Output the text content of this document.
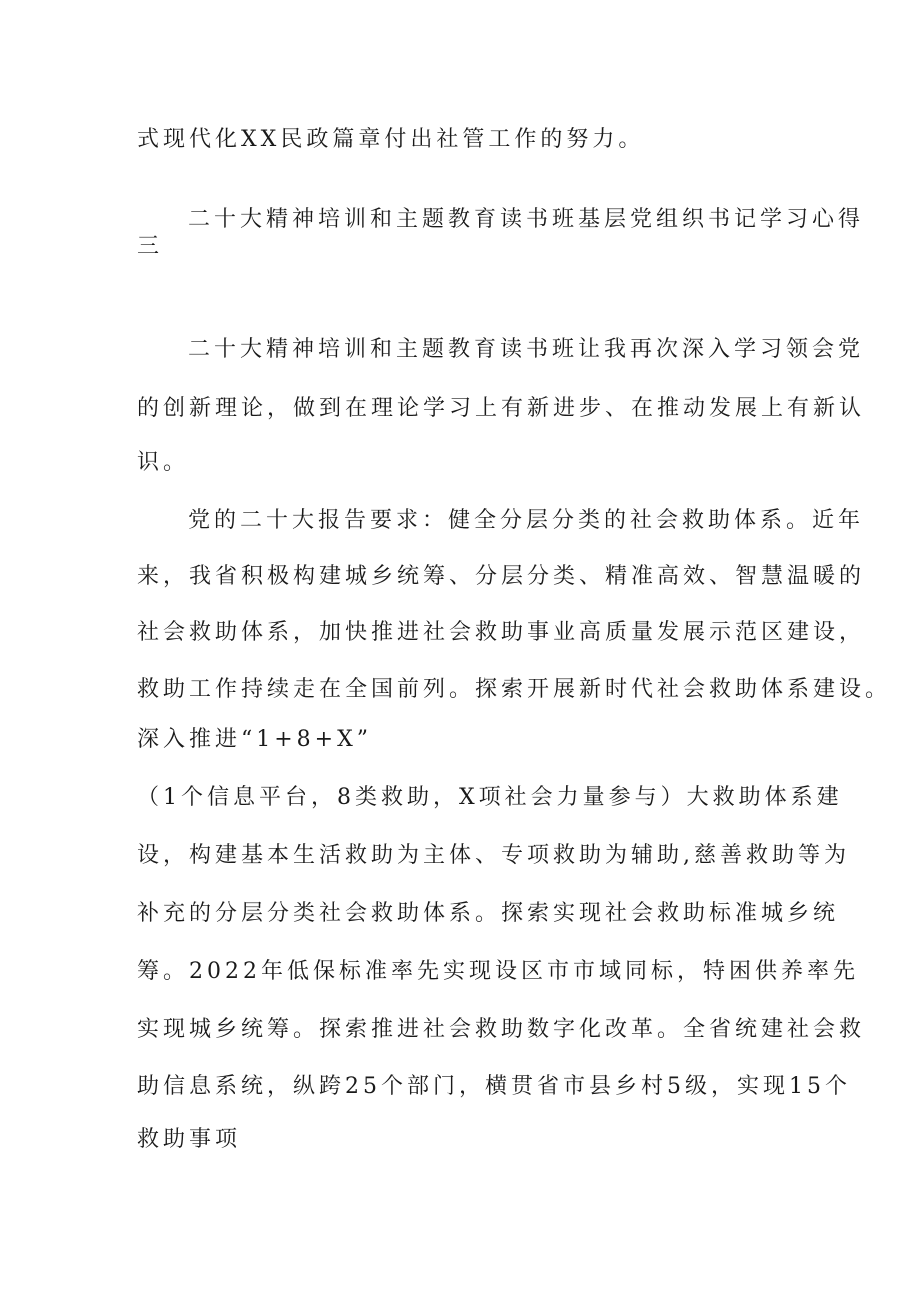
式现代化XX民政篇章付出社管工作的努力。
二十大精神培训和主题教育读书班基层党组织书记学习心得
三
二十大精神培训和主题教育读书班让我再次深入学习领会党
的创新理论，做到在理论学习上有新进步、在推动发展上有新认
识。
党的二十大报告要求：健全分层分类的社会救助体系。近年
来，我省积极构建城乡统筹、分层分类、精准高效、智慧温暖的
社会救助体系，加快推进社会救助事业高质量发展示范区建设，
救助工作持续走在全国前列。探索开展新时代社会救助体系建设。
深入推进“1+8+X”
（1个信息平台，8类救助，X项社会力量参与）大救助体系建
设，构建基本生活救助为主体、专项救助为辅助,慈善救助等为
补充的分层分类社会救助体系。探索实现社会救助标准城乡统
筹。2022年低保标准率先实现设区市市域同标，特困供养率先
实现城乡统筹。探索推进社会救助数字化改革。全省统建社会救
助信息系统，纵跨25个部门，横贯省市县乡村5级，实现15个
救助事项
